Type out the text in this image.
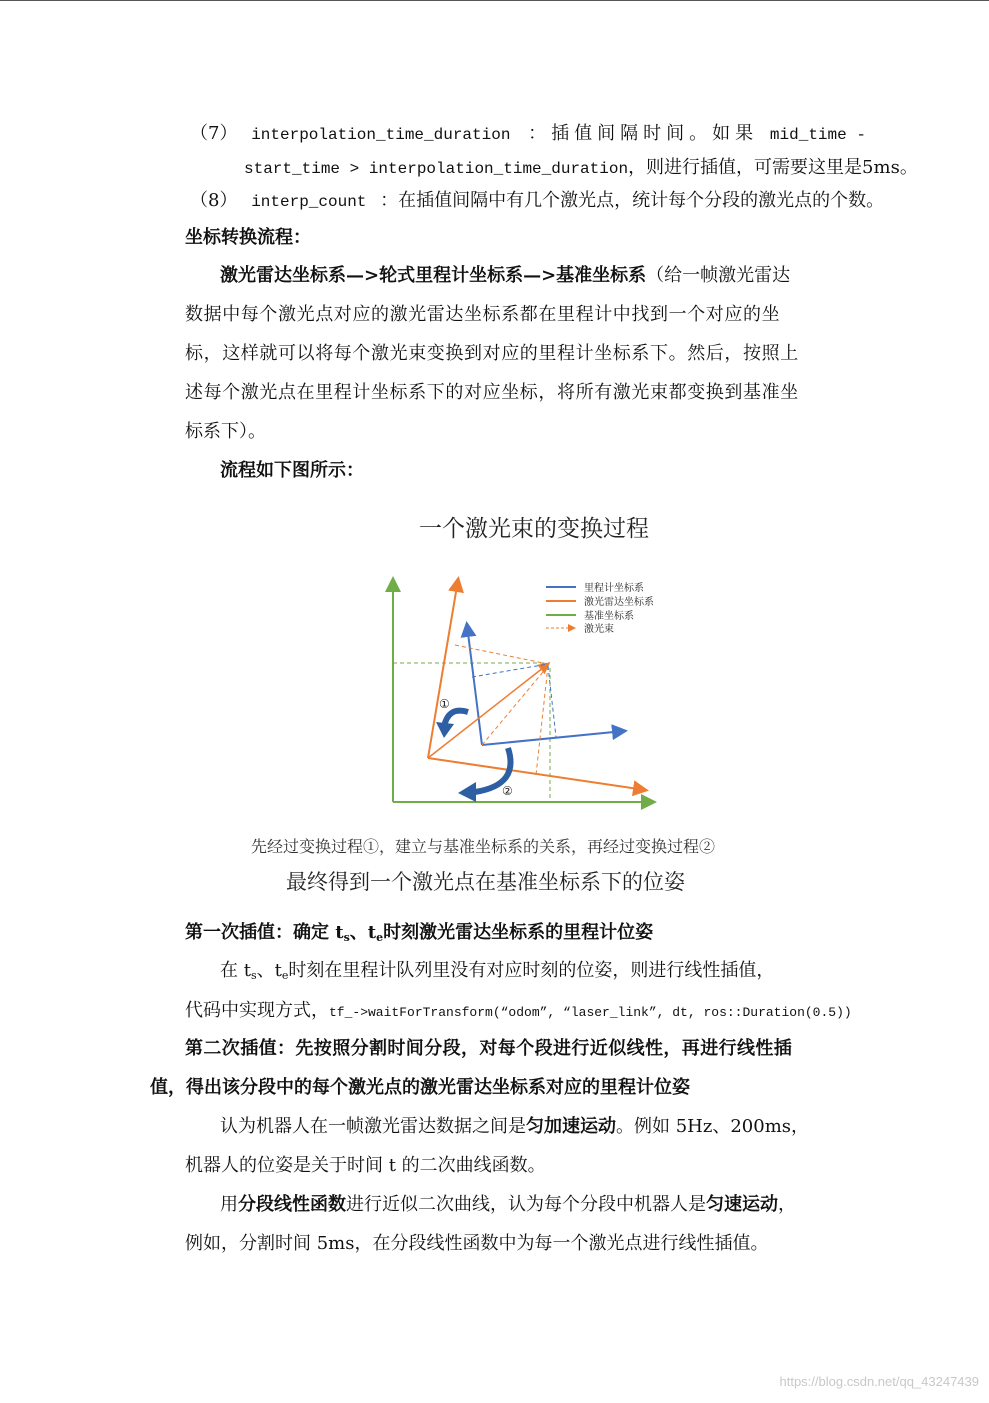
（7） interpolation_time_duration ：插值间隔时间。如果 mid_time -
start_time > interpolation_time_duration，则进行插值，可需要这里是5ms。
（8） interp_count ：在插值间隔中有几个激光点，统计每个分段的激光点的个数。
坐标转换流程：
激光雷达坐标系—>轮式里程计坐标系—>基准坐标系（给一帧激光雷达
数据中每个激光点对应的激光雷达坐标系都在里程计中找到一个对应的坐
标，这样就可以将每个激光束变换到对应的里程计坐标系下。然后，按照上
述每个激光点在里程计坐标系下的对应坐标，将所有激光束都变换到基准坐
标系下）。
流程如下图所示：
一个激光束的变换过程
①
②
里程计坐标系
激光雷达坐标系
基准坐标系
激光束
先经过变换过程①，建立与基准坐标系的关系，再经过变换过程②
最终得到一个激光点在基准坐标系下的位姿
第一次插值：确定 $t_s$、$t_e$时刻激光雷达坐标系的里程计位姿
在 $t_s$、$t_e$时刻在里程计队列里没有对应时刻的位姿，则进行线性插值，
代码中实现方式，tf_->waitForTransform(“odom”, “laser_link”, dt, ros::Duration(0.5))
第二次插值：先按照分割时间分段，对每个段进行近似线性，再进行线性插
值，得出该分段中的每个激光点的激光雷达坐标系对应的里程计位姿
认为机器人在一帧激光雷达数据之间是匀加速运动。例如 5Hz、200ms，
机器人的位姿是关于时间 t 的二次曲线函数。
用分段线性函数进行近似二次曲线，认为每个分段中机器人是匀速运动，
例如，分割时间 5ms，在分段线性函数中为每一个激光点进行线性插值。
https://blog.csdn.net/qq_43247439
